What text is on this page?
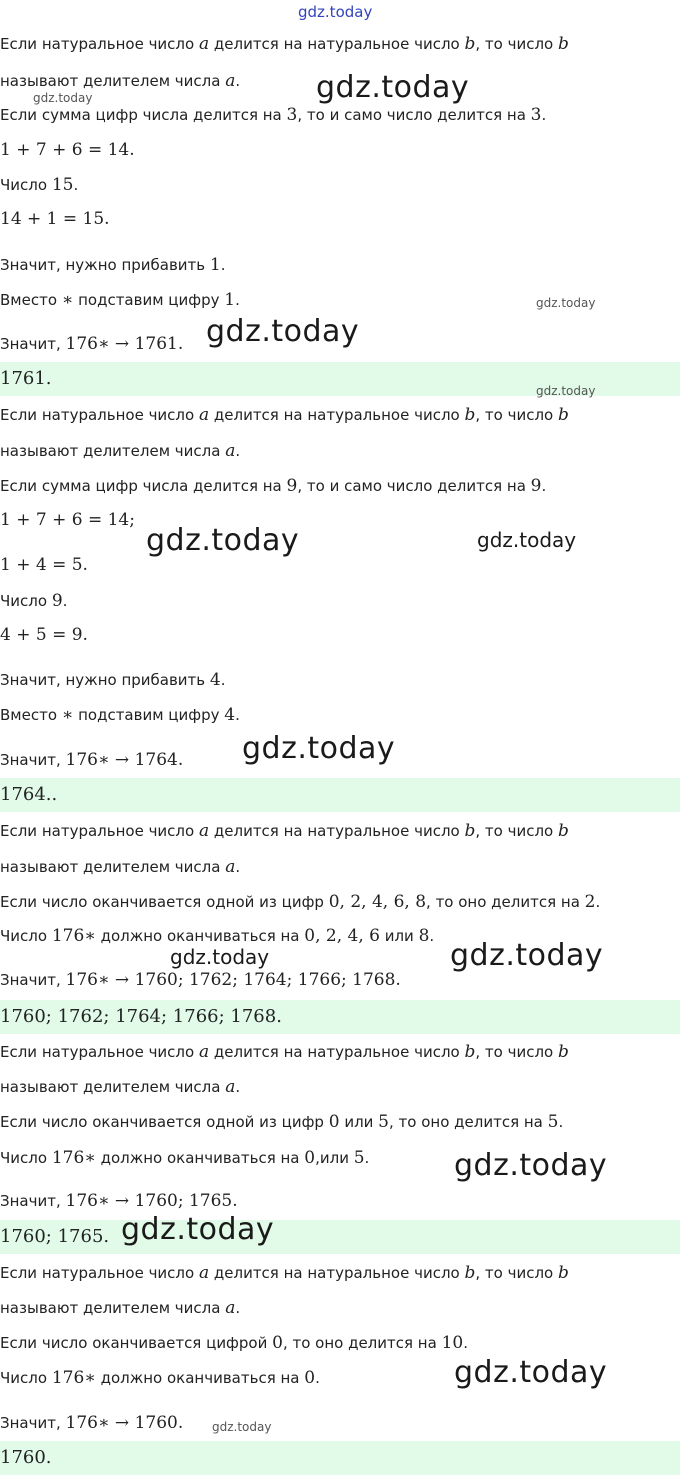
gdz.today
Если натуральное число a делится на натуральное число b, то число b
называют делителем числа a.
Если сумма цифр числа делится на 3, то и само число делится на 3.
1 + 7 + 6 = 14.
Число 15.
14 + 1 = 15.
Значит, нужно прибавить 1.
Вместо ∗ подставим цифру 1.
Значит, 176∗ → 1761.
1761.
Если натуральное число a делится на натуральное число b, то число b
называют делителем числа a.
Если сумма цифр числа делится на 9, то и само число делится на 9.
1 + 7 + 6 = 14;
1 + 4 = 5.
Число 9.
4 + 5 = 9.
Значит, нужно прибавить 4.
Вместо ∗ подставим цифру 4.
Значит, 176∗ → 1764.
1764..
Если натуральное число a делится на натуральное число b, то число b
называют делителем числа a.
Если число оканчивается одной из цифр 0, 2, 4, 6, 8, то оно делится на 2.
Число 176∗ должно оканчиваться на 0, 2, 4, 6 или 8.
Значит, 176∗ → 1760; 1762; 1764; 1766; 1768.
1760; 1762; 1764; 1766; 1768.
Если натуральное число a делится на натуральное число b, то число b
называют делителем числа a.
Если число оканчивается одной из цифр 0 или 5, то оно делится на 5.
Число 176∗ должно оканчиваться на 0,или 5.
Значит, 176∗ → 1760; 1765.
1760; 1765.
Если натуральное число a делится на натуральное число b, то число b
называют делителем числа a.
Если число оканчивается цифрой 0, то оно делится на 10.
Число 176∗ должно оканчиваться на 0.
Значит, 176∗ → 1760.
1760.
gdz.today
gdz.today
gdz.today
gdz.today
gdz.today
gdz.today	gdz.today
gdz.today
gdz.today	gdz.today
gdz.today
gdz.today
gdz.today
gdz.today
